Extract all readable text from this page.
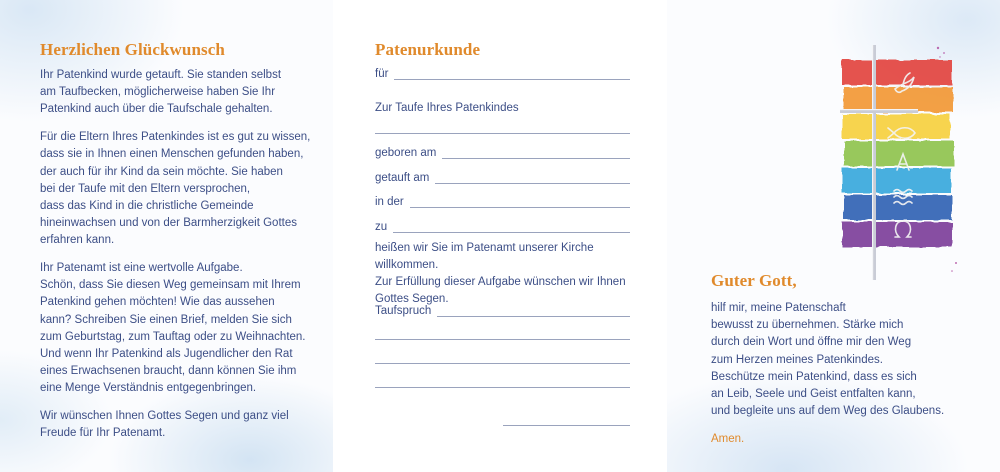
Herzlichen Glückwunsch

Ihr Patenkind wurde getauft. Sie standen selbst
am Taufbecken, möglicherweise haben Sie Ihr
Patenkind auch über die Taufschale gehalten.

Für die Eltern Ihres Patenkindes ist es gut zu wissen,
dass sie in Ihnen einen Menschen gefunden haben,
der auch für ihr Kind da sein möchte. Sie haben
bei der Taufe mit den Eltern versprochen,
dass das Kind in die christliche Gemeinde
hineinwachsen und von der Barmherzigkeit Gottes
erfahren kann.

Ihr Patenamt ist eine wertvolle Aufgabe.
Schön, dass Sie diesen Weg gemeinsam mit Ihrem
Patenkind gehen möchten! Wie das aussehen
kann? Schreiben Sie einen Brief, melden Sie sich
zum Geburtstag, zum Tauftag oder zu Weihnachten.
Und wenn Ihr Patenkind als Jugendlicher den Rat
eines Erwachsenen braucht, dann können Sie ihm
eine Menge Verständnis entgegenbringen.

Wir wünschen Ihnen Gottes Segen und ganz viel
Freude für Ihr Patenamt.

Patenurkunde
für
Zur Taufe Ihres Patenkindes
geboren am
getauft am
in der
zu
heißen wir Sie im Patenamt unserer Kirche willkommen.
Zur Erfüllung dieser Aufgabe wünschen wir Ihnen
Gottes Segen.
Taufspruch
Guter Gott,

hilf mir, meine Patenschaft
bewusst zu übernehmen. Stärke mich
durch dein Wort und öffne mir den Weg
zum Herzen meines Patenkindes.
Beschütze mein Patenkind, dass es sich
an Leib, Seele und Geist entfalten kann,
und begleite uns auf dem Weg des Glaubens.

Amen.
